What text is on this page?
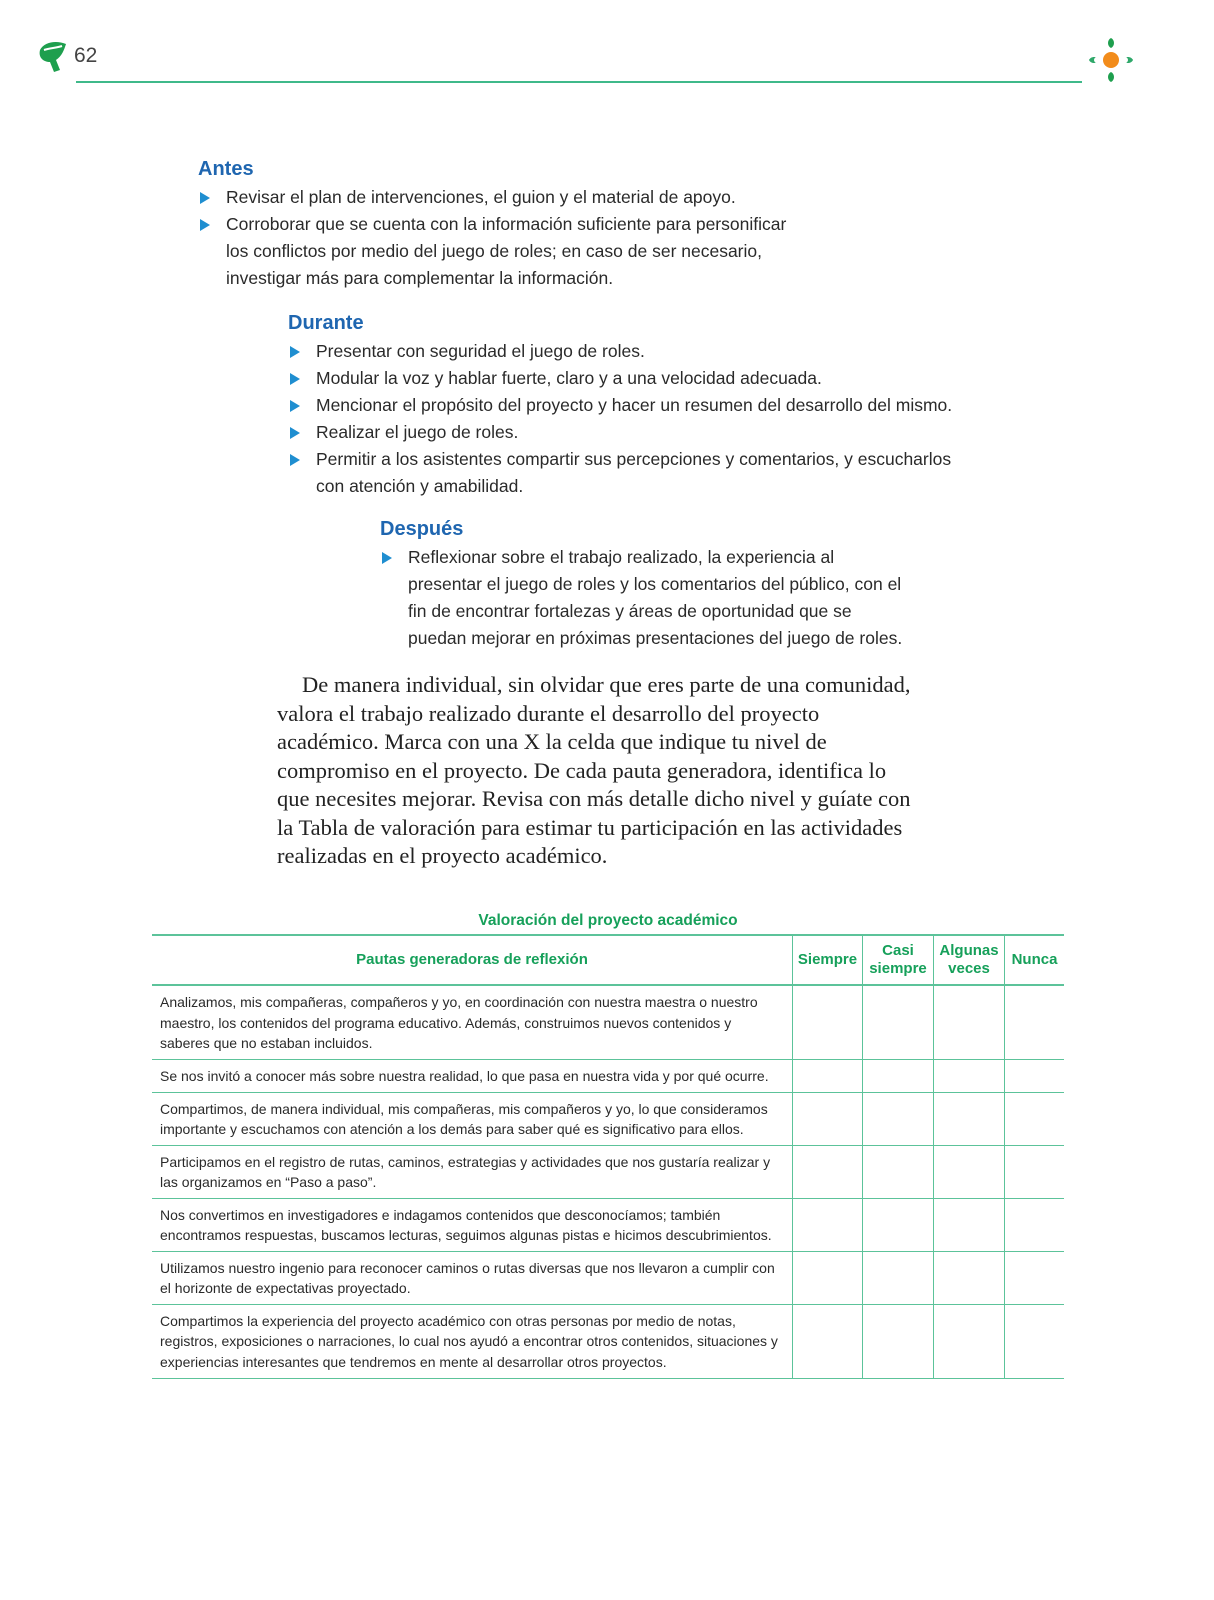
62
Antes
Revisar el plan de intervenciones, el guion y el material de apoyo.
Corroborar que se cuenta con la información suficiente para personificar los conflictos por medio del juego de roles; en caso de ser necesario, investigar más para complementar la información.
Durante
Presentar con seguridad el juego de roles.
Modular la voz y hablar fuerte, claro y a una velocidad adecuada.
Mencionar el propósito del proyecto y hacer un resumen del desarrollo del mismo.
Realizar el juego de roles.
Permitir a los asistentes compartir sus percepciones y comentarios, y escucharlos con atención y amabilidad.
Después
Reflexionar sobre el trabajo realizado, la experiencia al presentar el juego de roles y los comentarios del público, con el fin de encontrar fortalezas y áreas de oportunidad que se puedan mejorar en próximas presentaciones del juego de roles.

De manera individual, sin olvidar que eres parte de una comunidad, valora el trabajo realizado durante el desarrollo del proyecto académico. Marca con una X la celda que indique tu nivel de compromiso en el proyecto. De cada pauta generadora, identifica lo que necesites mejorar. Revisa con más detalle dicho nivel y guíate con la Tabla de valoración para estimar tu participación en las actividades realizadas en el proyecto académico.

Valoración del proyecto académico
Pautas generadoras de reflexión	Siempre	Casi siempre	Algunas veces	Nunca
Analizamos, mis compañeras, compañeros y yo, en coordinación con nuestra maestra o nuestro maestro, los contenidos del programa educativo. Además, construimos nuevos contenidos y saberes que no estaban incluidos.				
Se nos invitó a conocer más sobre nuestra realidad, lo que pasa en nuestra vida y por qué ocurre.				
Compartimos, de manera individual, mis compañeras, mis compañeros y yo, lo que consideramos importante y escuchamos con atención a los demás para saber qué es significativo para ellos.				
Participamos en el registro de rutas, caminos, estrategias y actividades que nos gustaría realizar y las organizamos en “Paso a paso”.				
Nos convertimos en investigadores e indagamos contenidos que desconocíamos; también encontramos respuestas, buscamos lecturas, seguimos algunas pistas e hicimos descubrimientos.				
Utilizamos nuestro ingenio para reconocer caminos o rutas diversas que nos llevaron a cumplir con el horizonte de expectativas proyectado.				
Compartimos la experiencia del proyecto académico con otras personas por medio de notas, registros, exposiciones o narraciones, lo cual nos ayudó a encontrar otros contenidos, situaciones y experiencias interesantes que tendremos en mente al desarrollar otros proyectos.				
